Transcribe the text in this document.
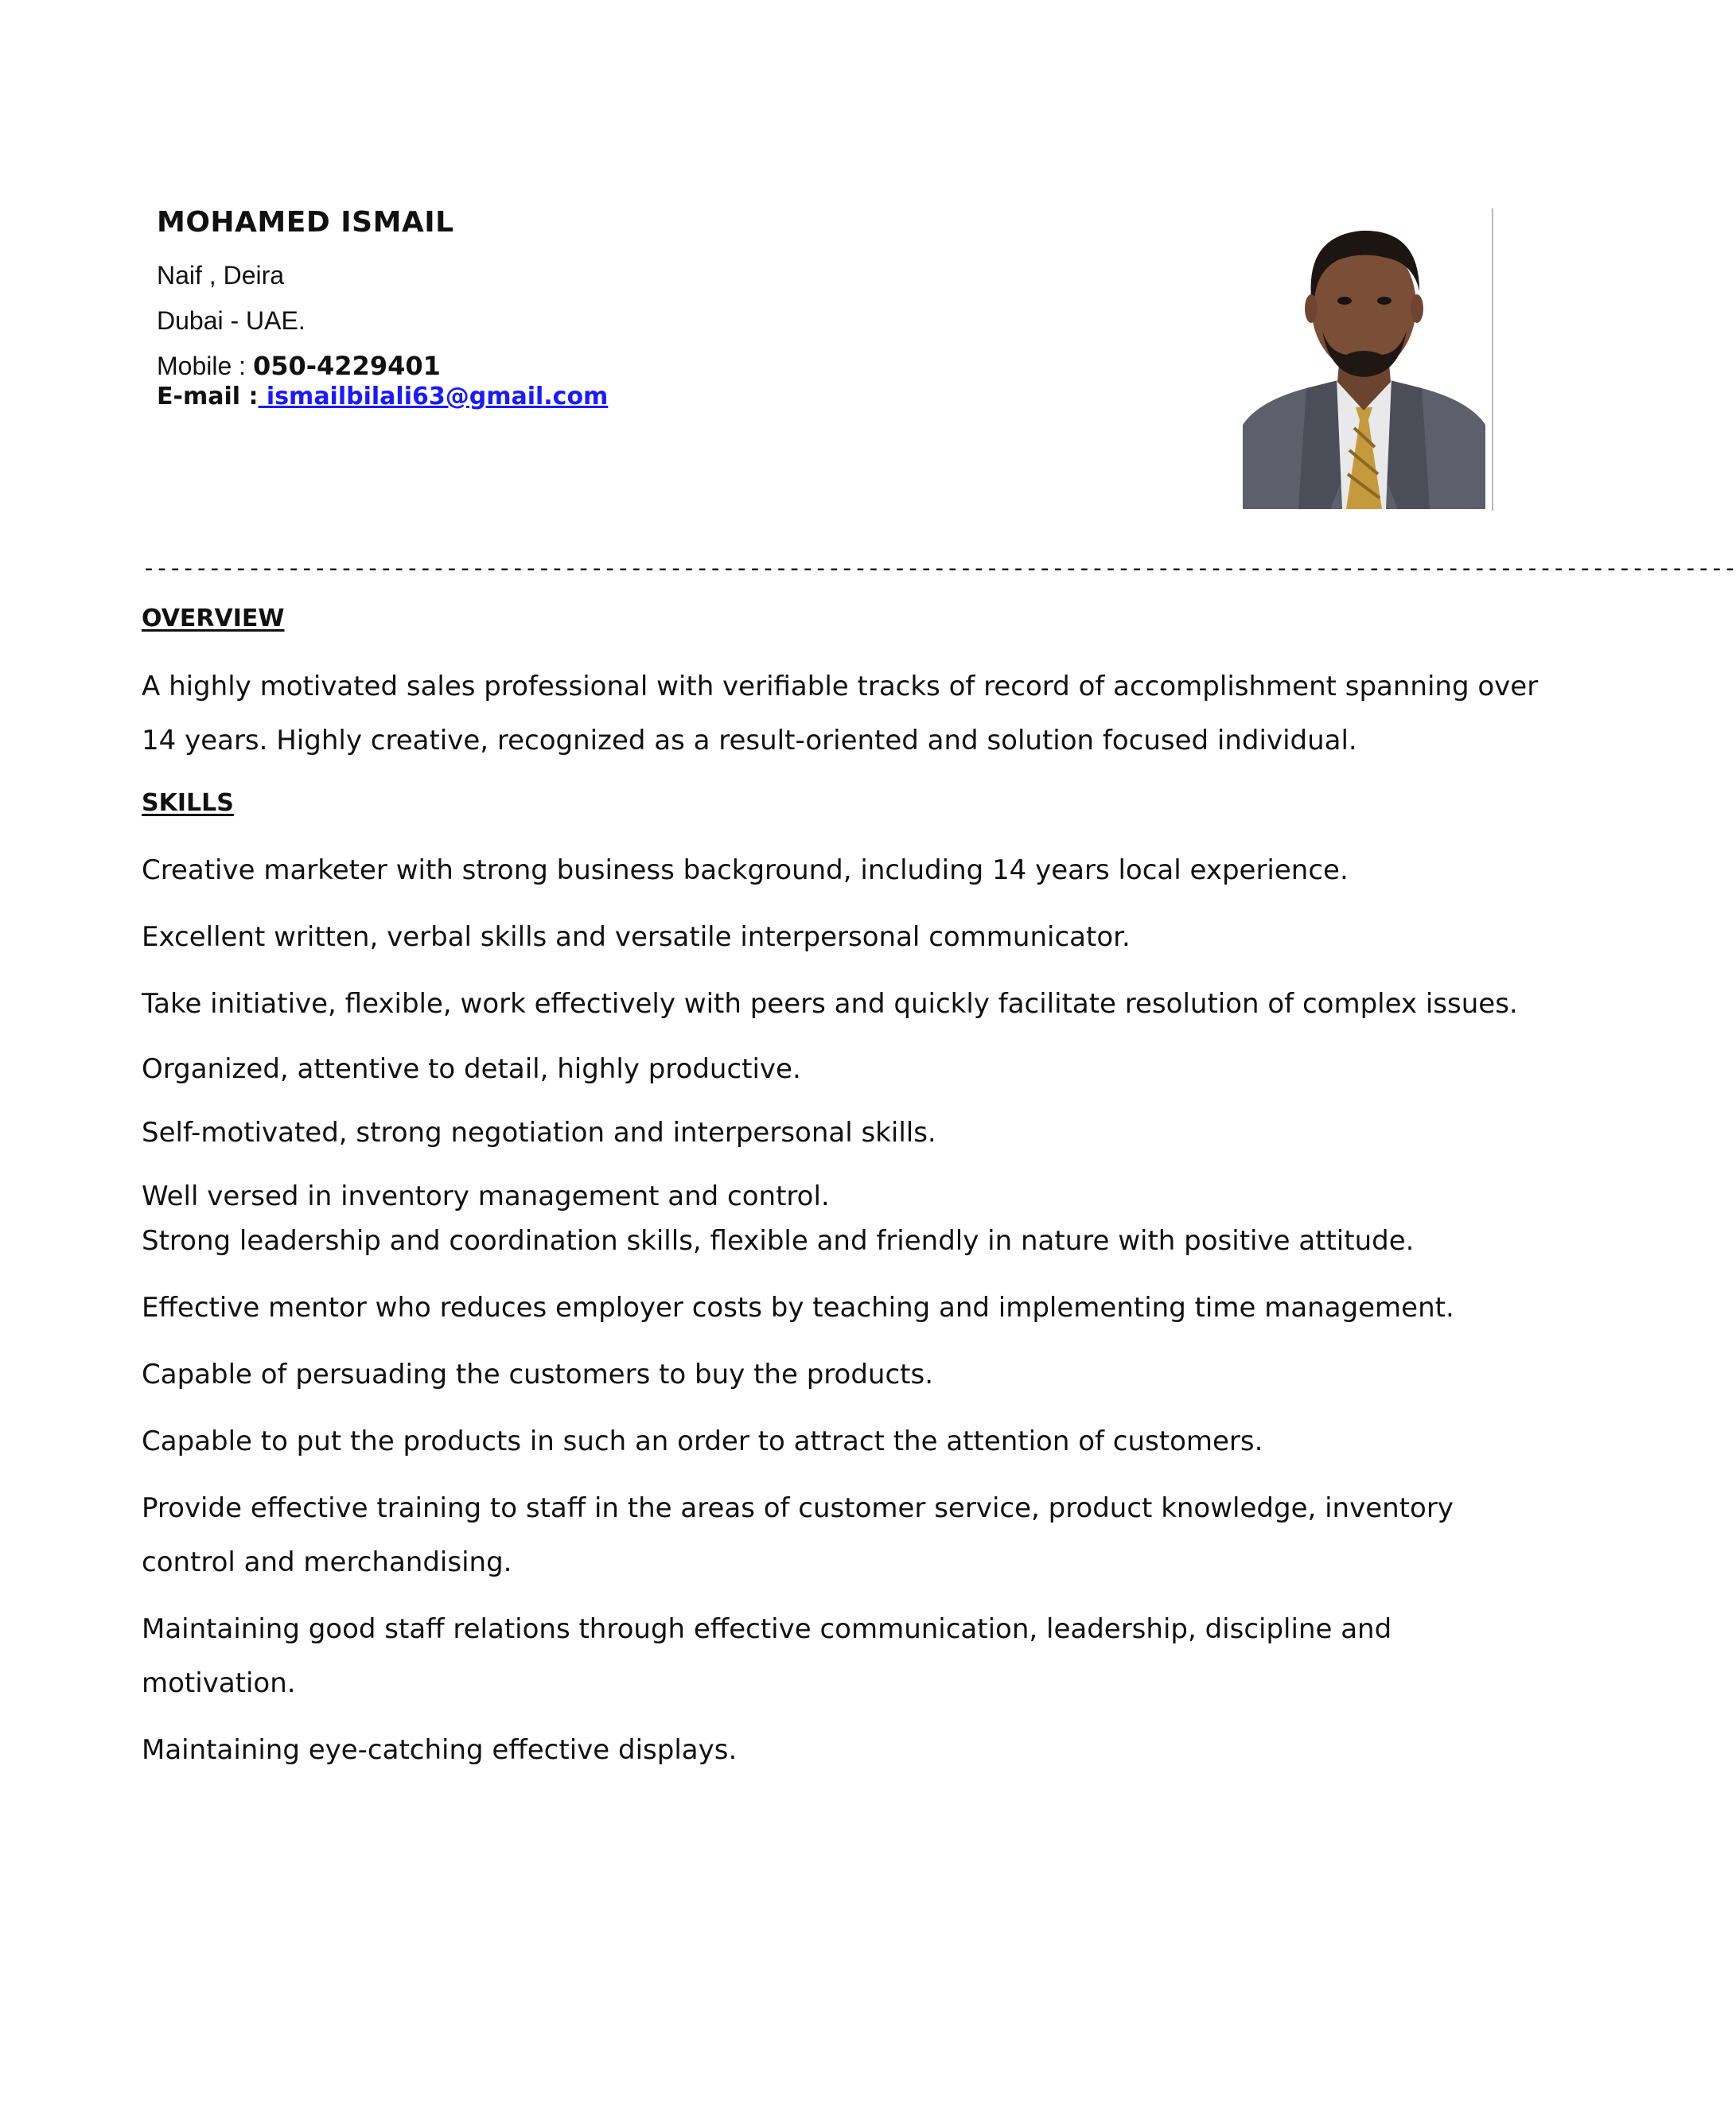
MOHAMED ISMAIL
Naif , Deira
Dubai - UAE.
Mobile : 050-4229401
E-mail : ismailbilali63@gmail.com
-------------------------------------------------------------------------------------------------------------------------
OVERVIEW
A highly motivated sales professional with verifiable tracks of record of accomplishment spanning over
14 years. Highly creative, recognized as a result-oriented and solution focused individual.
SKILLS
Creative marketer with strong business background, including 14 years local experience.
Excellent written, verbal skills and versatile interpersonal communicator.
Take initiative, flexible, work effectively with peers and quickly facilitate resolution of complex issues.
Organized, attentive to detail, highly productive.
Self-motivated, strong negotiation and interpersonal skills.
Well versed in inventory management and control.
Strong leadership and coordination skills, flexible and friendly in nature with positive attitude.
Effective mentor who reduces employer costs by teaching and implementing time management.
Capable of persuading the customers to buy the products.
Capable to put the products in such an order to attract the attention of customers.
Provide effective training to staff in the areas of customer service, product knowledge, inventory
control and merchandising.
Maintaining good staff relations through effective communication, leadership, discipline and
motivation.
Maintaining eye-catching effective displays.
